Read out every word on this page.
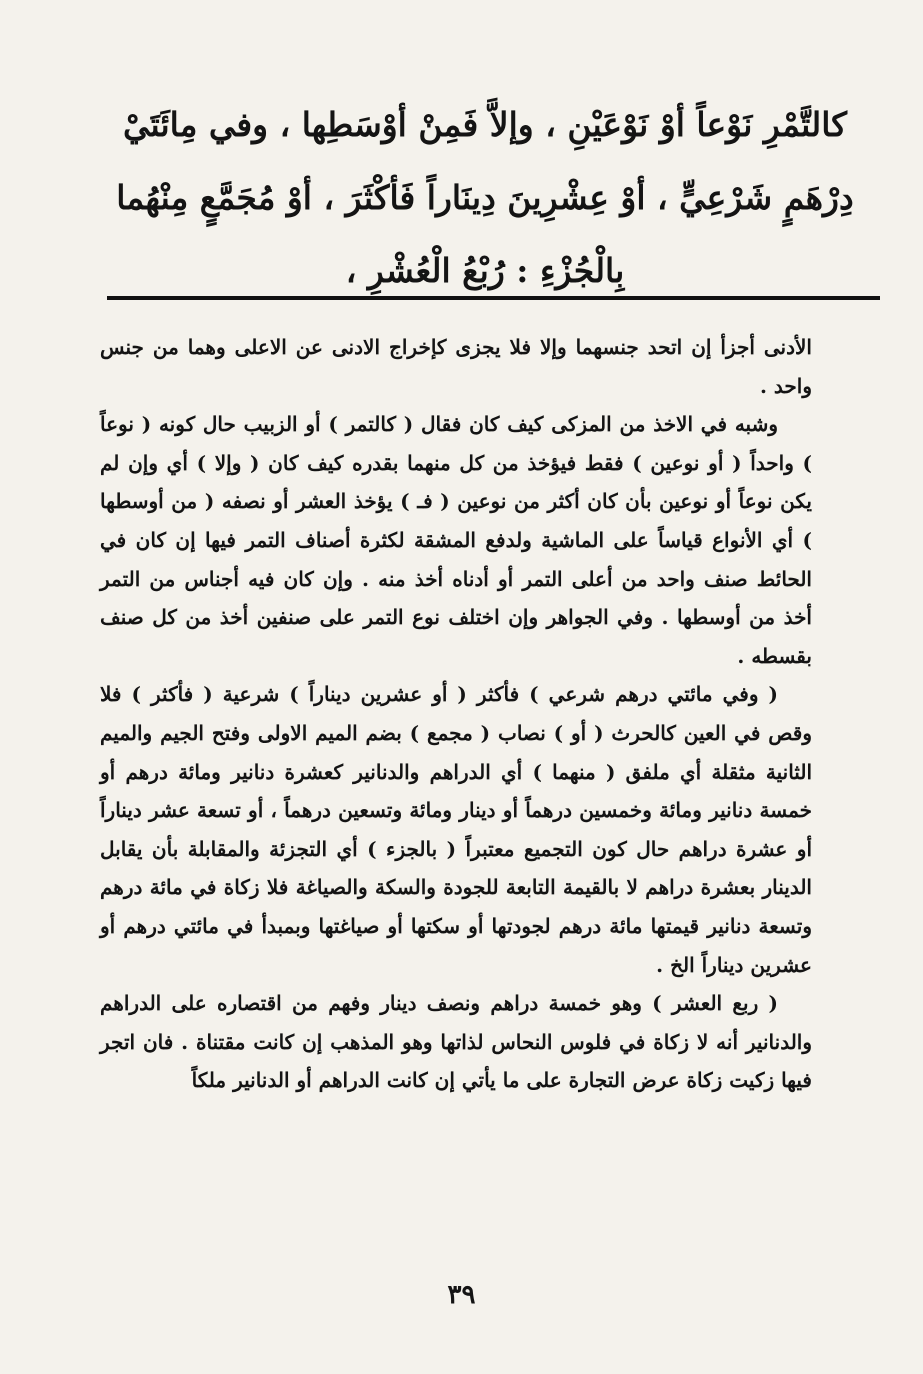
كالتَّمْرِ نَوْعاً أوْ نَوْعَيْنِ ، وإلاَّ فَمِنْ أوْسَطِها ، وفي مِائَتَيْ
دِرْهَمٍ شَرْعِيٍّ ، أوْ عِشْرِينَ دِينَاراً فَأكْثَرَ ، أوْ مُجَمَّعٍ مِنْهُما
بِالْجُزْءِ : رُبْعُ الْعُشْرِ ،

الأدنى أجزأ إن اتحد جنسهما وإلا فلا يجزى كإخراج الادنى عن الاعلى وهما من جنس واحد .

وشبه في الاخذ من المزكى كيف كان فقال ( كالتمر ) أو الزبيب حال كونه ( نوعاً ) واحداً ( أو نوعين ) فقط فيؤخذ من كل منهما بقدره كيف كان ( وإلا ) أي وإن لم يكن نوعاً أو نوعين بأن كان أكثر من نوعين ( فـ ) يؤخذ العشر أو نصفه ( من أوسطها ) أي الأنواع قياساً على الماشية ولدفع المشقة لكثرة أصناف التمر فيها إن كان في الحائط صنف واحد من أعلى التمر أو أدناه أخذ منه . وإن كان فيه أجناس من التمر أخذ من أوسطها . وفي الجواهر وإن اختلف نوع التمر على صنفين أخذ من كل صنف بقسطه .

( وفي مائتي درهم شرعي ) فأكثر ( أو عشرين ديناراً ) شرعية ( فأكثر ) فلا وقص في العين كالحرث ( أو ) نصاب ( مجمع ) بضم الميم الاولى وفتح الجيم والميم الثانية مثقلة أي ملفق ( منهما ) أي الدراهم والدنانير كعشرة دنانير ومائة درهم أو خمسة دنانير ومائة وخمسين درهماً أو دينار ومائة وتسعين درهماً ، أو تسعة عشر ديناراً أو عشرة دراهم حال كون التجميع معتبراً ( بالجزء ) أي التجزئة والمقابلة بأن يقابل الدينار بعشرة دراهم لا بالقيمة التابعة للجودة والسكة والصياغة فلا زكاة في مائة درهم وتسعة دنانير قيمتها مائة درهم لجودتها أو سكتها أو صياغتها وبمبدأ في مائتي درهم أو عشرين ديناراً الخ .

( ربع العشر ) وهو خمسة دراهم ونصف دينار وفهم من اقتصاره على الدراهم والدنانير أنه لا زكاة في فلوس النحاس لذاتها وهو المذهب إن كانت مقتناة . فان اتجر فيها زكيت زكاة عرض التجارة على ما يأتي إن كانت الدراهم أو الدنانير ملكاً

٣٩
